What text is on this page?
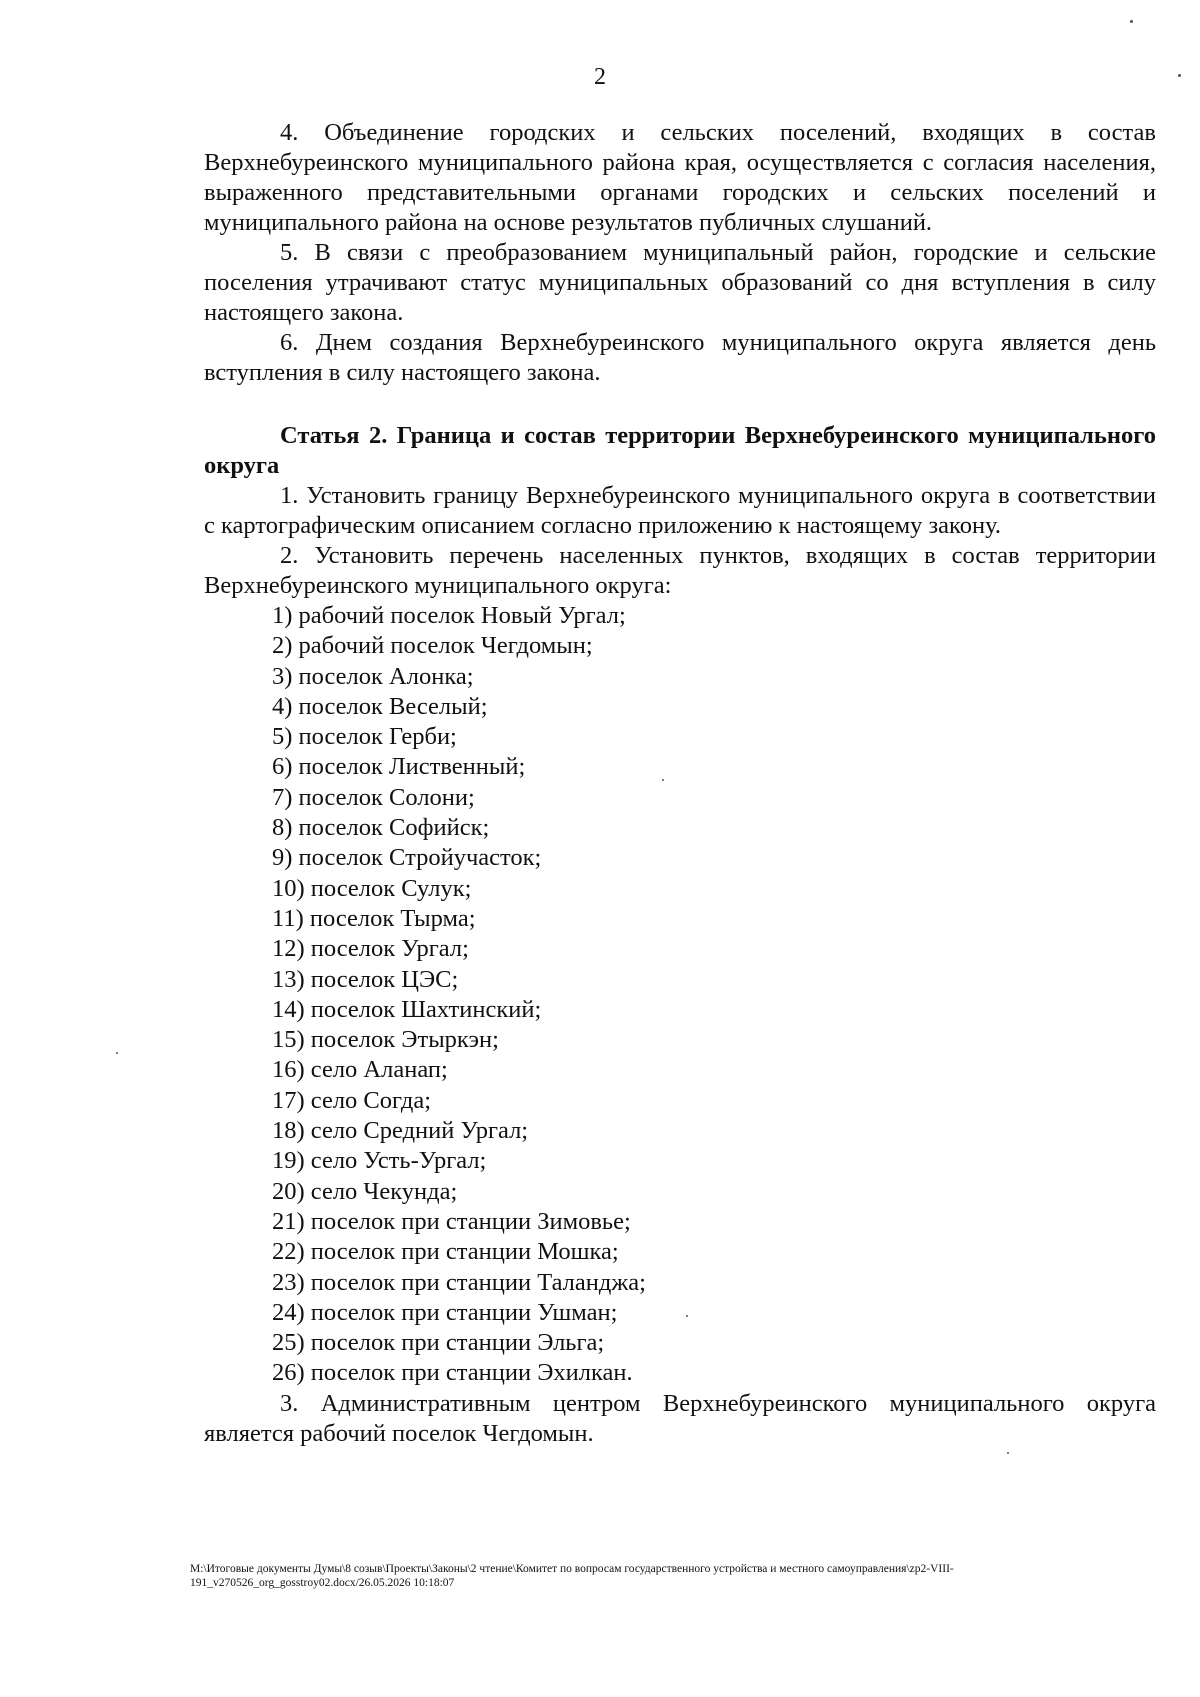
2

4. Объединение городских и сельских поселений, входящих в состав Верхнебуреинского муниципального района края, осуществляется с согласия населения, выраженного представительными органами городских и сельских поселений и муниципального района на основе результатов публичных слушаний.

5. В связи с преобразованием муниципальный район, городские и сельские поселения утрачивают статус муниципальных образований со дня вступления в силу настоящего закона.

6. Днем создания Верхнебуреинского муниципального округа является день вступления в силу настоящего закона.

Статья 2. Граница и состав территории Верхнебуреинского муниципального округа

1. Установить границу Верхнебуреинского муниципального округа в соответствии с картографическим описанием согласно приложению к настоящему закону.

2. Установить перечень населенных пунктов, входящих в состав территории Верхнебуреинского муниципального округа:

1) рабочий поселок Новый Ургал;
2) рабочий поселок Чегдомын;
3) поселок Алонка;
4) поселок Веселый;
5) поселок Герби;
6) поселок Лиственный;
7) поселок Солони;
8) поселок Софийск;
9) поселок Стройучасток;
10) поселок Сулук;
11) поселок Тырма;
12) поселок Ургал;
13) поселок ЦЭС;
14) поселок Шахтинский;
15) поселок Этыркэн;
16) село Аланап;
17) село Согда;
18) село Средний Ургал;
19) село Усть-Ургал;
20) село Чекунда;
21) поселок при станции Зимовье;
22) поселок при станции Мошка;
23) поселок при станции Таланджа;
24) поселок при станции Ушман;
25) поселок при станции Эльга;
26) поселок при станции Эхилкан.

3. Административным центром Верхнебуреинского муниципального округа является рабочий поселок Чегдомын.

M:\Итоговые документы Думы\8 созыв\Проекты\Законы\2 чтение\Комитет по вопросам государственного устройства и местного самоуправления\zp2-VIII-191_v270526_org_gosstroy02.docx/26.05.2026 10:18:07
